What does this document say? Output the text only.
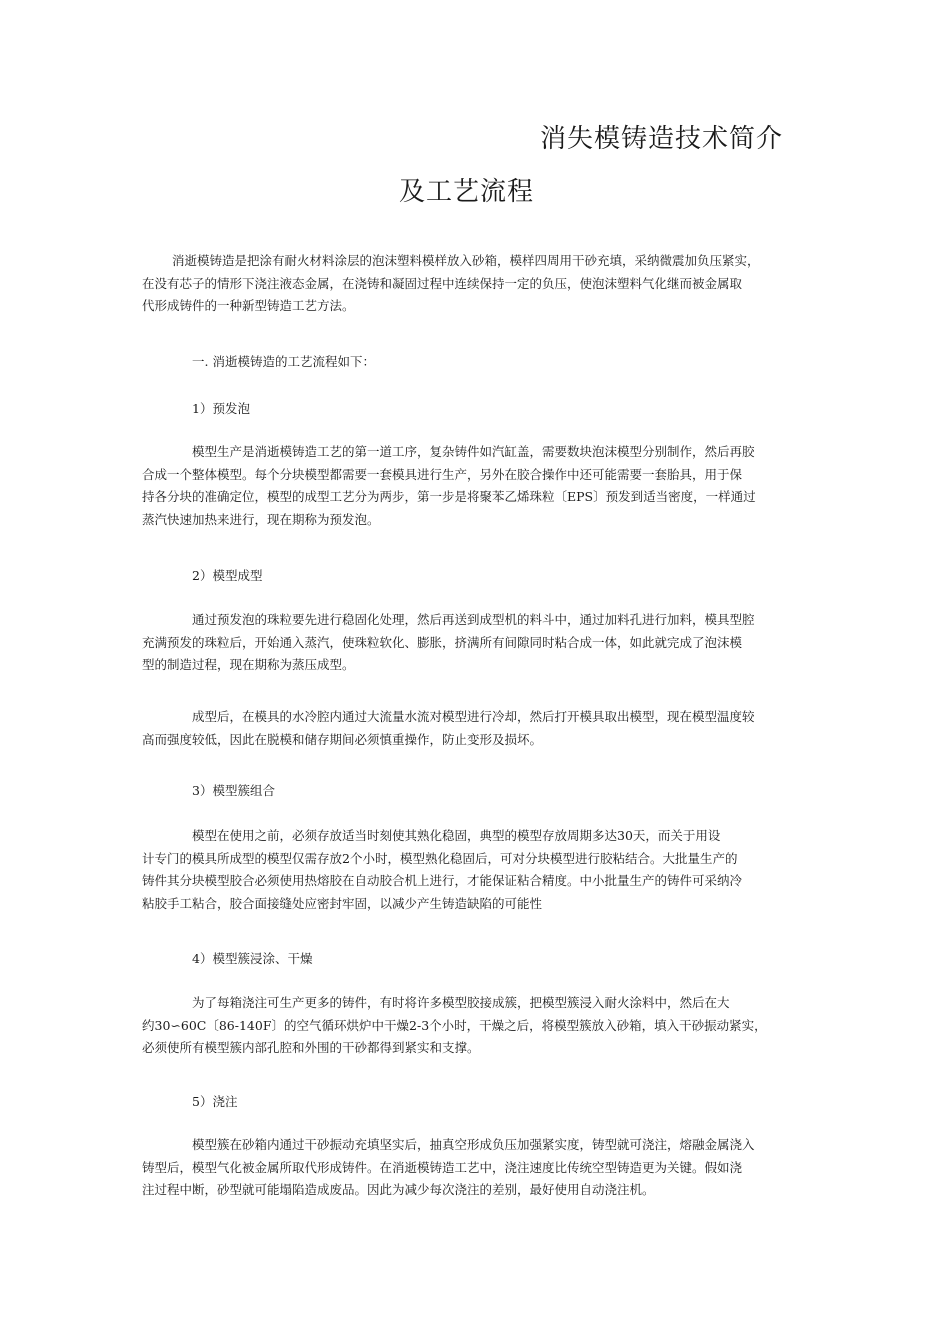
消失模铸造技术简介
及工艺流程
消逝模铸造是把涂有耐火材料涂层的泡沫塑料模样放入砂箱，模样四周用干砂充填，采纳微震加负压紧实，
在没有芯子的情形下浇注液态金属，在浇铸和凝固过程中连续保持一定的负压，使泡沫塑料气化继而被金属取
代形成铸件的一种新型铸造工艺方法。
一. 消逝模铸造的工艺流程如下：
1）预发泡
模型生产是消逝模铸造工艺的第一道工序，复杂铸件如汽缸盖，需要数块泡沫模型分别制作，然后再胶
合成一个整体模型。每个分块模型都需要一套模具进行生产，另外在胶合操作中还可能需要一套胎具，用于保
持各分块的准确定位，模型的成型工艺分为两步，第一步是将聚苯乙烯珠粒〔EPS〕预发到适当密度，一样通过
蒸汽快速加热来进行，现在期称为预发泡。
2）模型成型
通过预发泡的珠粒要先进行稳固化处理，然后再送到成型机的料斗中，通过加料孔进行加料，模具型腔
充满预发的珠粒后，开始通入蒸汽，使珠粒软化、膨胀，挤满所有间隙同时粘合成一体，如此就完成了泡沫模
型的制造过程，现在期称为蒸压成型。
成型后，在模具的水冷腔内通过大流量水流对模型进行冷却，然后打开模具取出模型，现在模型温度较
高而强度较低，因此在脱模和储存期间必须慎重操作，防止变形及损坏。
3）模型簇组合
模型在使用之前，必须存放适当时刻使其熟化稳固，典型的模型存放周期多达30天，而关于用设
计专门的模具所成型的模型仅需存放2个小时，模型熟化稳固后，可对分块模型进行胶粘结合。大批量生产的
铸件其分块模型胶合必须使用热熔胶在自动胶合机上进行，才能保证粘合精度。中小批量生产的铸件可采纳冷
粘胶手工粘合，胶合面接缝处应密封牢固，以减少产生铸造缺陷的可能性
4）模型簇浸涂、干燥
为了每箱浇注可生产更多的铸件，有时将许多模型胶接成簇，把模型簇浸入耐火涂料中，然后在大
约30∽60C〔86-140F〕的空气循环烘炉中干燥2-3个小时，干燥之后，将模型簇放入砂箱，填入干砂振动紧实，
必须使所有模型簇内部孔腔和外围的干砂都得到紧实和支撑。
5）浇注
模型簇在砂箱内通过干砂振动充填坚实后，抽真空形成负压加强紧实度，铸型就可浇注，熔融金属浇入
铸型后，模型气化被金属所取代形成铸件。在消逝模铸造工艺中，浇注速度比传统空型铸造更为关键。假如浇
注过程中断，砂型就可能塌陷造成废品。因此为减少每次浇注的差别，最好使用自动浇注机。
